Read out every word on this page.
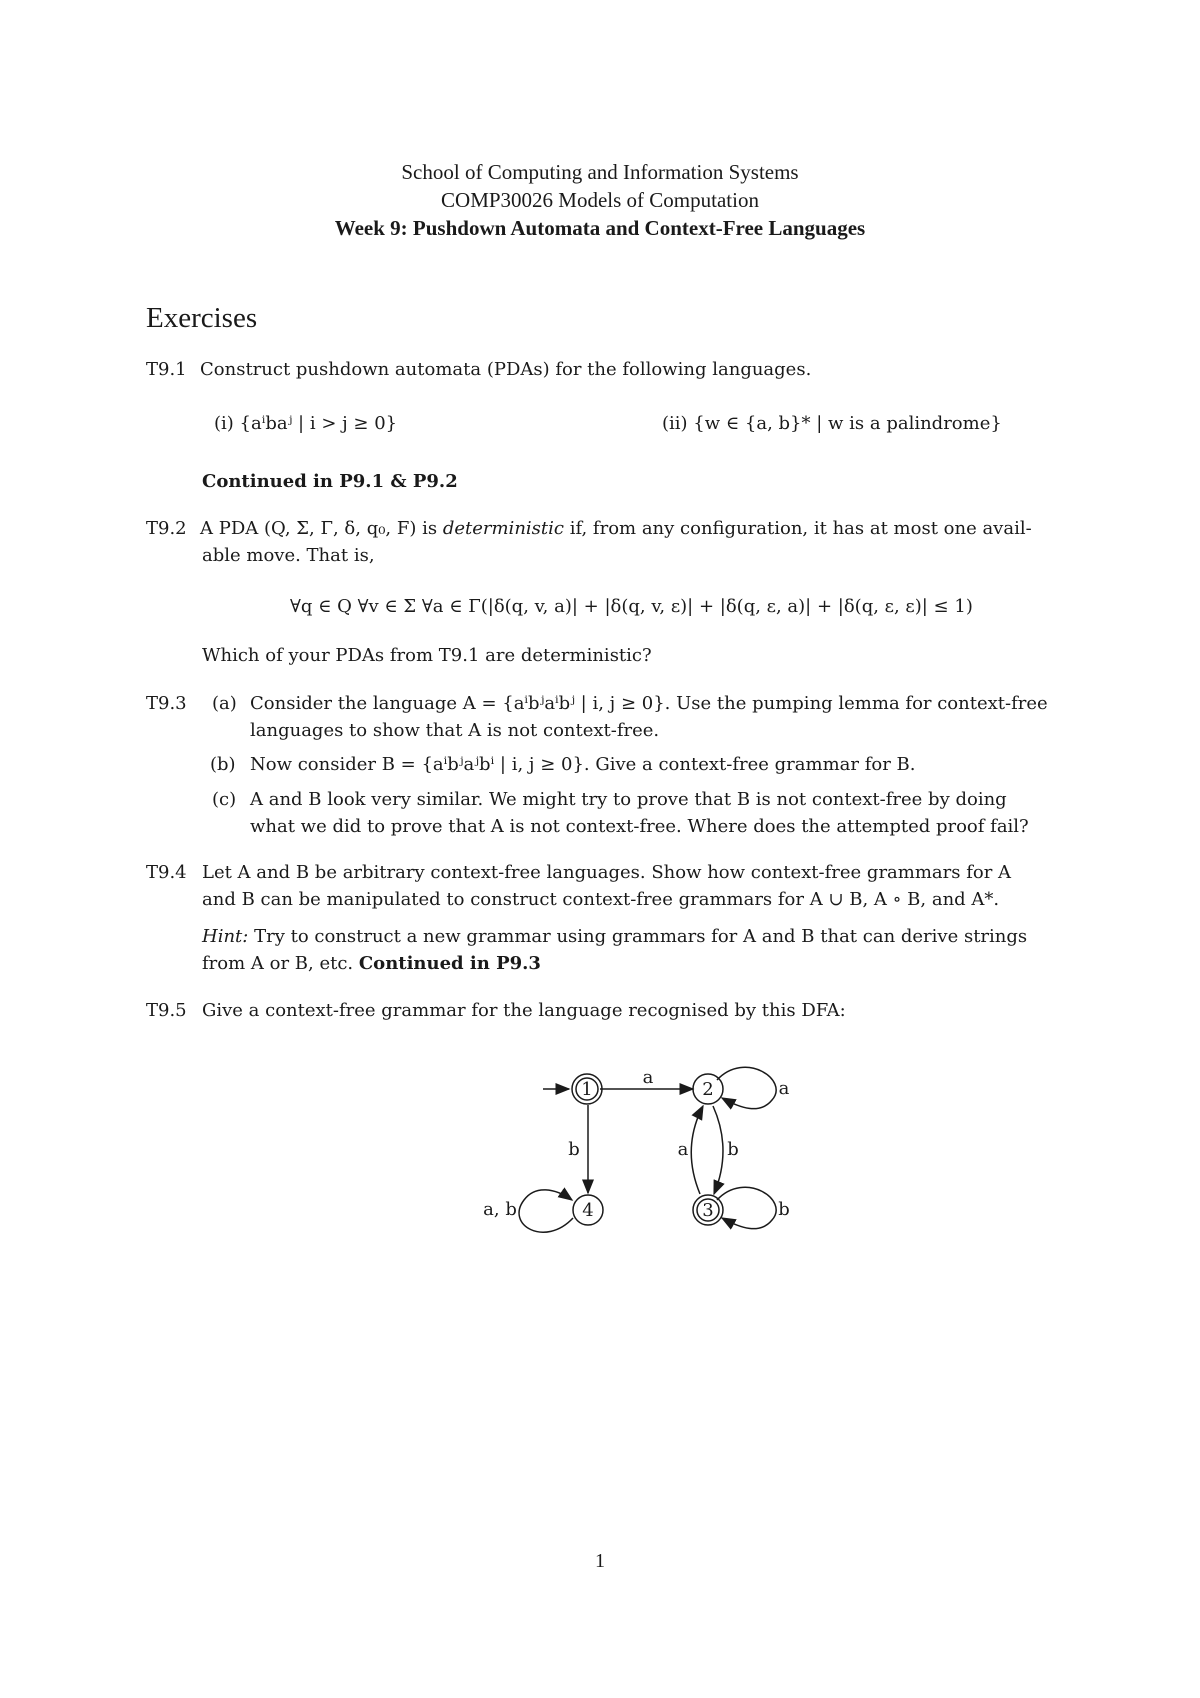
School of Computing and Information Systems
COMP30026 Models of Computation
Week 9: Pushdown Automata and Context-Free Languages
Exercises
T9.1 Construct pushdown automata (PDAs) for the following languages.
(i) {aⁱbaʲ | i > j ≥ 0}	(ii) {w ∈ {a, b}* | w is a palindrome}
Continued in P9.1 & P9.2
T9.2 A PDA (Q, Σ, Γ, δ, q₀, F) is deterministic if, from any configuration, it has at most one avail-
able move. That is,
∀q ∈ Q ∀v ∈ Σ ∀a ∈ Γ(|δ(q, v, a)| + |δ(q, v, ε)| + |δ(q, ε, a)| + |δ(q, ε, ε)| ≤ 1)
Which of your PDAs from T9.1 are deterministic?
T9.3 (a) Consider the language A = {aⁱbʲaⁱbʲ | i, j ≥ 0}. Use the pumping lemma for context-free
languages to show that A is not context-free.
(b) Now consider B = {aⁱbʲaʲbⁱ | i, j ≥ 0}. Give a context-free grammar for B.
(c) A and B look very similar. We might try to prove that B is not context-free by doing
what we did to prove that A is not context-free. Where does the attempted proof fail?
T9.4 Let A and B be arbitrary context-free languages. Show how context-free grammars for A
and B can be manipulated to construct context-free grammars for A ∪ B, A ∘ B, and A*.
Hint: Try to construct a new grammar using grammars for A and B that can derive strings
from A or B, etc. Continued in P9.3
T9.5 Give a context-free grammar for the language recognised by this DFA:
1	2
3
4
a
a
b	a b
b
a, b
1
